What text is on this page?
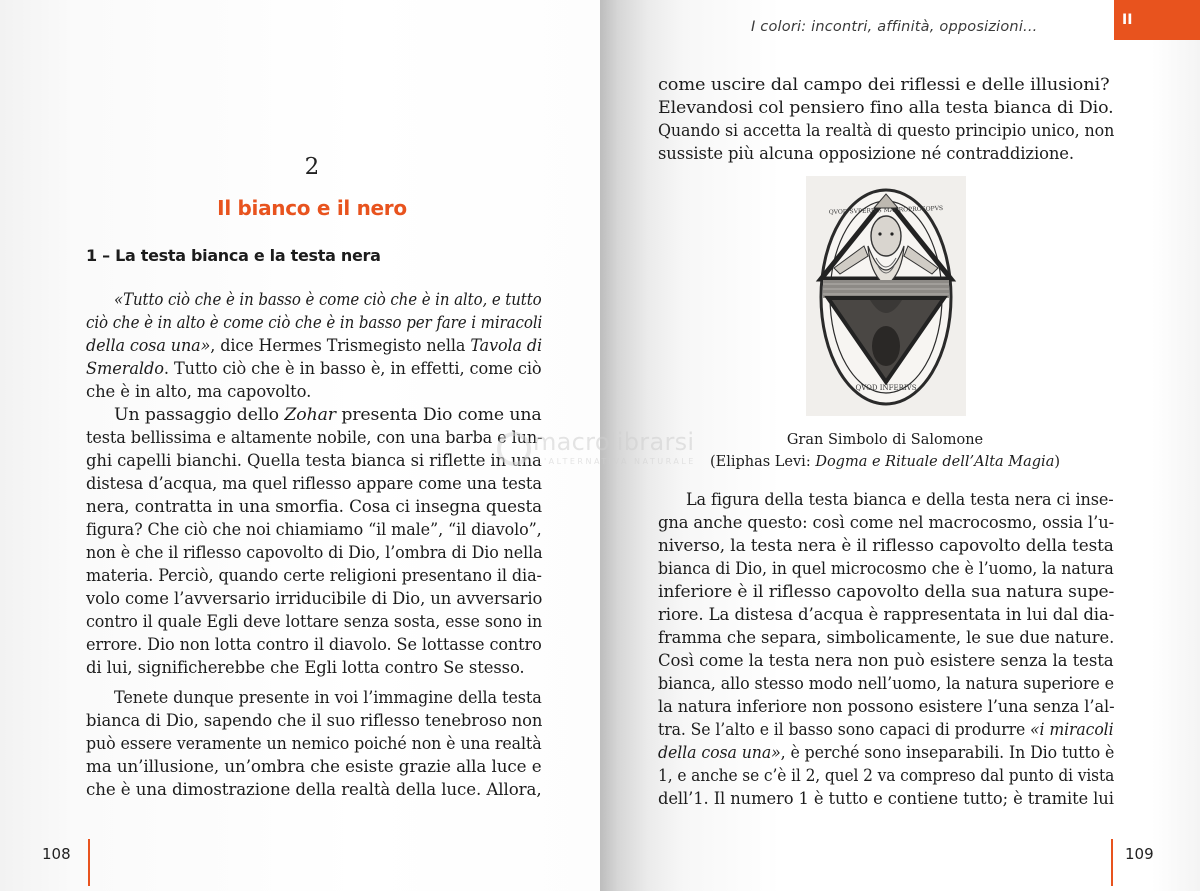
2
Il bianco e il nero
1 – La testa bianca e la testa nera
«Tutto ciò che è in basso è come ciò che è in alto, e tutto
ciò che è in alto è come ciò che è in basso per fare i miracoli
della cosa una», dice Hermes Trismegisto nella Tavola di
Smeraldo. Tutto ciò che è in basso è, in effetti, come ciò
che è in alto, ma capovolto.
Un passaggio dello Zohar presenta Dio come una
testa bellissima e altamente nobile, con una barba e lun-
ghi capelli bianchi. Quella testa bianca si riflette in una
distesa d’acqua, ma quel riflesso appare come una testa
nera, contratta in una smorfia. Cosa ci insegna questa
figura? Che ciò che noi chiamiamo “il male”, “il diavolo”,
non è che il riflesso capovolto di Dio, l’ombra di Dio nella
materia. Perciò, quando certe religioni presentano il dia-
volo come l’avversario irriducibile di Dio, un avversario
contro il quale Egli deve lottare senza sosta, esse sono in
errore. Dio non lotta contro il diavolo. Se lottasse contro
di lui, significherebbe che Egli lotta contro Se stesso.
Tenete dunque presente in voi l’immagine della testa
bianca di Dio, sapendo che il suo riflesso tenebroso non
può essere veramente un nemico poiché non è una realtà
ma un’illusione, un’ombra che esiste grazie alla luce e
che è una dimostrazione della realtà della luce. Allora,
108
I colori: incontri, affinità, opposizioni...	II
come uscire dal campo dei riflessi e delle illusioni?
Elevandosi col pensiero fino alla testa bianca di Dio.
Quando si accetta la realtà di questo principio unico, non
sussiste più alcuna opposizione né contraddizione.
QVOD SVPERIVS MACROPROSOPVS
QVOD INFERIVS
Gran Simbolo di Salomone
(Eliphas Levi: Dogma e Rituale dell’Alta Magia)
La figura della testa bianca e della testa nera ci inse-
gna anche questo: così come nel macrocosmo, ossia l’u-
niverso, la testa nera è il riflesso capovolto della testa
bianca di Dio, in quel microcosmo che è l’uomo, la natura
inferiore è il riflesso capovolto della sua natura supe-
riore. La distesa d’acqua è rappresentata in lui dal dia-
framma che separa, simbolicamente, le sue due nature.
Così come la testa nera non può esistere senza la testa
bianca, allo stesso modo nell’uomo, la natura superiore e
la natura inferiore non possono esistere l’una senza l’al-
tra. Se l’alto e il basso sono capaci di produrre «i miracoli
della cosa una», è perché sono inseparabili. In Dio tutto è
1, e anche se c’è il 2, quel 2 va compreso dal punto di vista
dell’1. Il numero 1 è tutto e contiene tutto; è tramite lui
109
macrolibrarsi
L'ALTERNATIVA NATURALE
